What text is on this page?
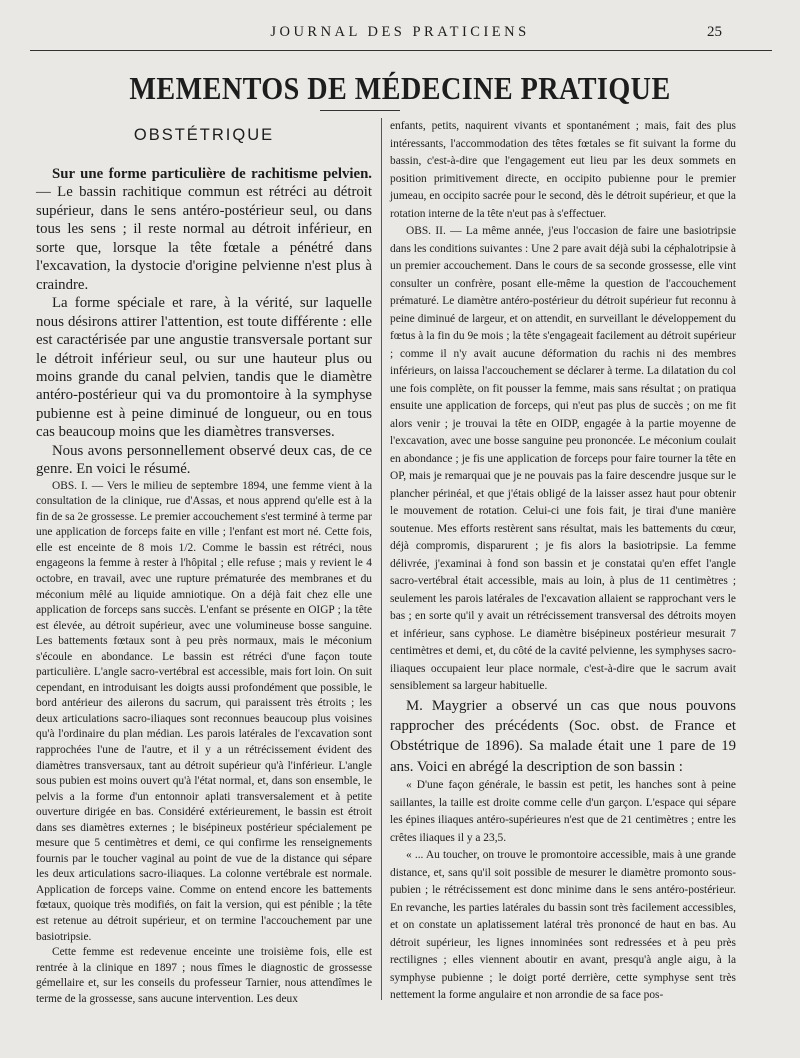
JOURNAL DES PRATICIENS	25
MEMENTOS DE MÉDECINE PRATIQUE
OBSTÉTRIQUE

Sur une forme particulière de rachitisme pelvien. — Le bassin rachitique commun est rétréci au détroit supérieur, dans le sens antéro-postérieur seul, ou dans tous les sens ; il reste normal au détroit inférieur, en sorte que, lorsque la tête fœtale a pénétré dans l'excavation, la dystocie d'origine pelvienne n'est plus à craindre.

La forme spéciale et rare, à la vérité, sur laquelle nous désirons attirer l'attention, est toute différente : elle est caractérisée par une angustie transversale portant sur le détroit inférieur seul, ou sur une hauteur plus ou moins grande du canal pelvien, tandis que le diamètre antéro-postérieur qui va du promontoire à la symphyse pubienne est à peine diminué de longueur, ou en tous cas beaucoup moins que les diamètres transverses.

Nous avons personnellement observé deux cas, de ce genre. En voici le résumé.

OBS. I. — Vers le milieu de septembre 1894, une femme vient à la consultation de la clinique, rue d'Assas, et nous apprend qu'elle est à la fin de sa 2e grossesse. Le premier accouchement s'est terminé à terme par une application de forceps faite en ville ; l'enfant est mort né. Cette fois, elle est enceinte de 8 mois 1/2. Comme le bassin est rétréci, nous engageons la femme à rester à l'hôpital ; elle refuse ; mais y revient le 4 octobre, en travail, avec une rupture prématurée des membranes et du méconium mêlé au liquide amniotique. On a déjà fait chez elle une application de forceps sans succès. L'enfant se présente en OIGP ; la tête est élevée, au détroit supérieur, avec une volumineuse bosse sanguine. Les battements fœtaux sont à peu près normaux, mais le méconium s'écoule en abondance. Le bassin est rétréci d'une façon toute particulière. L'angle sacro-vertébral est accessible, mais fort loin. On suit cependant, en introduisant les doigts aussi profondément que possible, le bord antérieur des ailerons du sacrum, qui paraissent très étroits ; les deux articulations sacro-iliaques sont reconnues beaucoup plus voisines qu'à l'ordinaire du plan médian. Les parois latérales de l'excavation sont rapprochées l'une de l'autre, et il y a un rétrécissement évident des diamètres transversaux, tant au détroit supérieur qu'à l'inférieur. L'angle sous pubien est moins ouvert qu'à l'état normal, et, dans son ensemble, le pelvis a la forme d'un entonnoir aplati transversalement et à petite ouverture dirigée en bas. Considéré extérieurement, le bassin est étroit dans ses diamètres externes ; le bisépineux postérieur spécialement pe mesure que 5 centimètres et demi, ce qui confirme les renseignements fournis par le toucher vaginal au point de vue de la distance qui sépare les deux articulations sacro-iliaques. La colonne vertébrale est normale. Application de forceps vaine. Comme on entend encore les battements fœtaux, quoique très modifiés, on fait la version, qui est pénible ; la tête est retenue au détroit supérieur, et on termine l'accouchement par une basiotripsie.

Cette femme est redevenue enceinte une troisième fois, elle est rentrée à la clinique en 1897 ; nous fîmes le diagnostic de grossesse gémellaire et, sur les conseils du professeur Tarnier, nous attendîmes le terme de la grossesse, sans aucune intervention. Les deux

enfants, petits, naquirent vivants et spontanément ; mais, fait des plus intéressants, l'accommodation des têtes fœtales se fit suivant la forme du bassin, c'est-à-dire que l'engagement eut lieu par les deux sommets en position primitivement directe, en occipito pubienne pour le premier jumeau, en occipito sacrée pour le second, dès le détroit supérieur, et que la rotation interne de la tête n'eut pas à s'effectuer.

OBS. II. — La même année, j'eus l'occasion de faire une basiotripsie dans les conditions suivantes : Une 2 pare avait déjà subi la céphalotripsie à un premier accouchement. Dans le cours de sa seconde grossesse, elle vint consulter un confrère, posant elle-même la question de l'accouchement prématuré. Le diamètre antéro-postérieur du détroit supérieur fut reconnu à peine diminué de largeur, et on attendit, en surveillant le développement du fœtus à la fin du 9e mois ; la tête s'engageait facilement au détroit supérieur ; comme il n'y avait aucune déformation du rachis ni des membres inférieurs, on laissa l'accouchement se déclarer à terme. La dilatation du col une fois complète, on fit pousser la femme, mais sans résultat ; on pratiqua ensuite une application de forceps, qui n'eut pas plus de succès ; on me fit alors venir ; je trouvai la tête en OIDP, engagée à la partie moyenne de l'excavation, avec une bosse sanguine peu prononcée. Le méconium coulait en abondance ; je fis une application de forceps pour faire tourner la tête en OP, mais je remarquai que je ne pouvais pas la faire descendre jusque sur le plancher périnéal, et que j'étais obligé de la laisser assez haut pour obtenir le mouvement de rotation. Celui-ci une fois fait, je tirai d'une manière soutenue. Mes efforts restèrent sans résultat, mais les battements du cœur, déjà compromis, disparurent ; je fis alors la basiotripsie. La femme délivrée, j'examinai à fond son bassin et je constatai qu'en effet l'angle sacro-vertébral était accessible, mais au loin, à plus de 11 centimètres ; seulement les parois latérales de l'excavation allaient se rapprochant vers le bas ; en sorte qu'il y avait un rétrécissement transversal des détroits moyen et inférieur, sans cyphose. Le diamètre bisépineux postérieur mesurait 7 centimètres et demi, et, du côté de la cavité pelvienne, les symphyses sacro-iliaques occupaient leur place normale, c'est-à-dire que le sacrum avait sensiblement sa largeur habituelle.

M. Maygrier a observé un cas que nous pouvons rapprocher des précédents (Soc. obst. de France et Obstétrique de 1896). Sa malade était une 1 pare de 19 ans. Voici en abrégé la description de son bassin :

« D'une façon générale, le bassin est petit, les hanches sont à peine saillantes, la taille est droite comme celle d'un garçon. L'espace qui sépare les épines iliaques antéro-supérieures n'est que de 21 centimètres ; entre les crêtes iliaques il y a 23,5.

« ... Au toucher, on trouve le promontoire accessible, mais à une grande distance, et, sans qu'il soit possible de mesurer le diamètre promonto sous-pubien ; le rétrécissement est donc minime dans le sens antéro-postérieur. En revanche, les parties latérales du bassin sont très facilement accessibles, et on constate un aplatissement latéral très prononcé de haut en bas. Au détroit supérieur, les lignes innominées sont redressées et à peu près rectilignes ; elles viennent aboutir en avant, presqu'à angle aigu, à la symphyse pubienne ; le doigt porté derrière, cette symphyse sent très nettement la forme angulaire et non arrondie de sa face pos-
